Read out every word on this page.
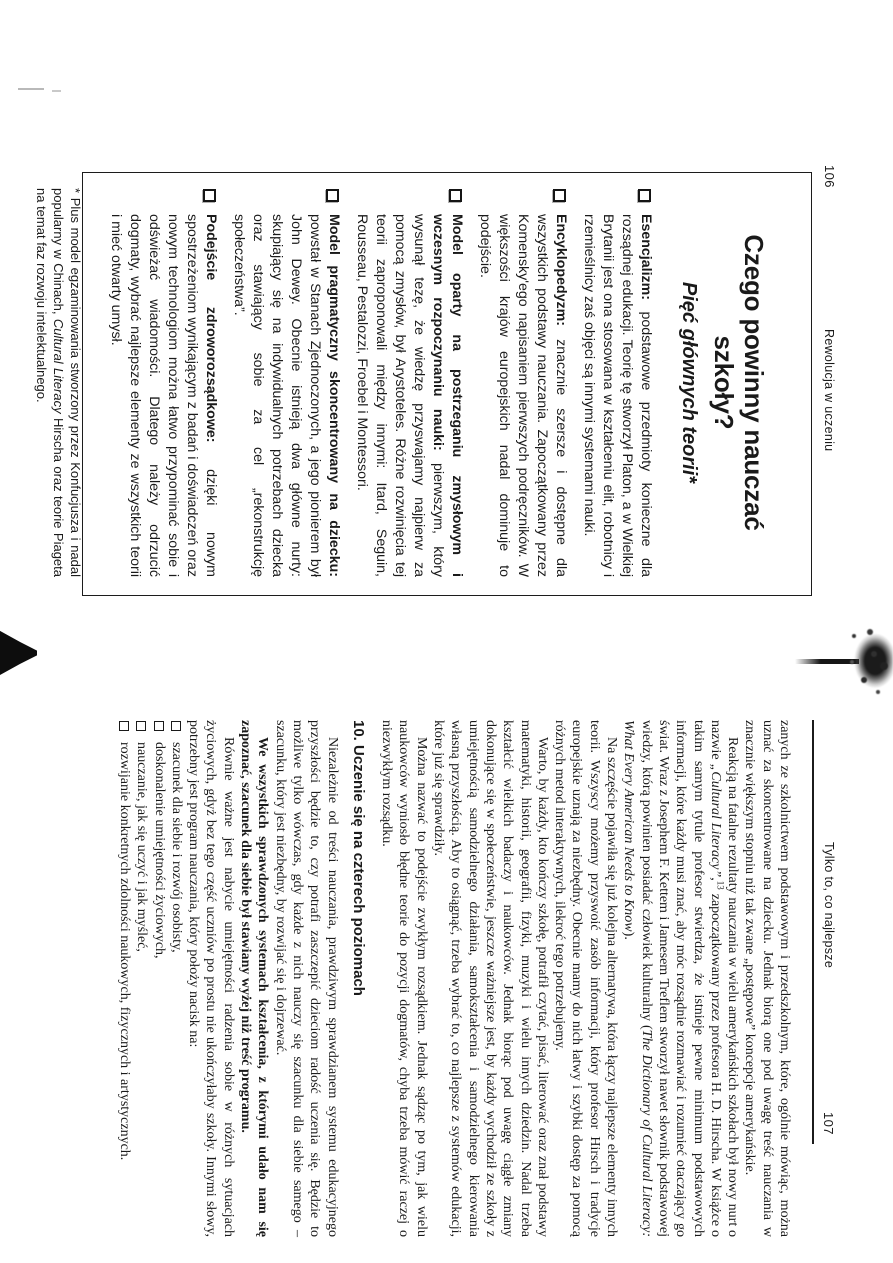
106
Rewolucja w uczeniu
Czego powinny nauczać szkoły?
Pięć głównych teorii*
Esencjalizm: podstawowe przedmioty konieczne dla rozsądnej edukacji. Teorię tę stworzył Platon, a w Wielkiej Brytanii jest ona stosowana w kształceniu elit, robotnicy i rzemieślnicy zaś objęci są innymi systemami nauki.
Encyklopedyzm: znacznie szersze i dostępne dla wszystkich podstawy nauczania. Zapoczątkowany przez Komensky'ego napisaniem pierwszych podręczników. W większości krajów europejskich nadal dominuje to podejście.
Model oparty na postrzeganiu zmysłowym i wczesnym rozpoczynaniu nauki: pierwszym, który wysunął tezę, że wiedzę przyswajamy najpierw za pomocą zmysłów, był Arystoteles. Różne rozwinięcia tej teorii zaproponowali między innymi: Itard, Seguin, Rousseau, Pestalozzi, Froebel i Montessori.
Model pragmatyczny skoncentrowany na dziecku: powstał w Stanach Zjednoczonych, a jego pionierem był John Dewey. Obecnie istnieją dwa główne nurty: skupiający się na indywidualnych potrzebach dziecka oraz stawiający sobie za cel „rekonstrukcję społeczeństwa”.
Podejście zdroworozsądkowe: dzięki nowym spostrzeżeniom wynikającym z badań i doświadczeń oraz nowym technologiom można łatwo przypominać sobie i odświeżać wiadomości. Dlatego należy odrzucić dogmaty, wybrać najlepsze elementy ze wszystkich teorii i mieć otwarty umysł.
* Plus model egzaminowania stworzony przez Konfucjusza i nadal popularny w Chinach, Cultural Literacy Hirscha oraz teorie Piageta na temat faz rozwoju intelektualnego.
Tylko to, co najlepsze
107

zanych ze szkolnictwem podstawowym i przedszkolnym, które, ogólnie mówiąc, można uznać za skoncentrowane na dziecku. Jednak biorą one pod uwagę treść nauczania w znacznie większym stopniu niż tak zwane „postępowe” koncepcje amerykańskie.

Reakcją na fatalne rezultaty nauczania w wielu amerykańskich szkołach był nowy nurt o nazwie „Cultural Literacy”,$^{13}$ zapoczątkowany przez profesora H. D. Hirscha. W książce o takim samym tytule profesor stwierdza, że istnieje pewne minimum podstawowych informacji, które każdy musi znać, aby móc rozsądnie rozmawiać i rozumieć otaczający go świat. Wraz z Josephem F. Kettem i Jamesem Treflem stworzył nawet słownik podstawowej wiedzy, którą powinien posiadać człowiek kulturalny (The Dictionary of Cultural Literacy: What Every American Needs to Know).

Na szczęście pojawiła się już kolejna alternatywa, która łączy najlepsze elementy innych teorii. Wszyscy możemy przyswoić zasób informacji, który profesor Hirsch i tradycje europejskie uznają za niezbędny. Obecnie mamy do nich łatwy i szybki dostęp za pomocą różnych metod interaktywnych, ilekroć tego potrzebujemy.

Warto, by każdy, kto kończy szkołę, potrafił czytać, pisać, literować oraz znał podstawy matematyki, historii, geografii, fizyki, muzyki i wielu innych dziedzin. Nadal trzeba kształcić wielkich badaczy i naukowców. Jednak biorąc pod uwagę ciągłe zmiany dokonujące się w społeczeństwie, jeszcze ważniejsze jest, by każdy wychodził ze szkoły z umiejętnością samodzielnego działania, samokształcenia i samodzielnego kierowania własną przyszłością. Aby to osiągnąć, trzeba wybrać to, co najlepsze z systemów edukacji, które już się sprawdziły.

Można nazwać to podejście zwykłym rozsądkiem. Jednak sądząc po tym, jak wielu naukowców wyniosło błędne teorie do pozycji dogmatów, chyba trzeba mówić raczej o niezwykłym rozsądku.

10. Uczenie się na czterech poziomach

Niezależnie od treści nauczania, prawdziwym sprawdzianem systemu edukacyjnego przyszłości będzie to, czy potrafi zaszczepić dzieciom radość uczenia się. Będzie to możliwe tylko wówczas, gdy każde z nich nauczy się szacunku dla siebie samego – szacunku, który jest niezbędny, by rozwijać się i dojrzewać.

We wszystkich sprawdzonych systemach kształcenia, z którymi udało nam się zapoznać, szacunek dla siebie był stawiany wyżej niż treść programu.

Równie ważne jest nabycie umiejętności radzenia sobie w różnych sytuacjach życiowych, gdyż bez tego część uczniów po prostu nie ukończyłaby szkoły. Innymi słowy, potrzebny jest program nauczania, który położy nacisk na:

szacunek dla siebie i rozwój osobisty,
doskonalenie umiejętności życiowych,
nauczanie, jak się uczyć i jak myśleć,
rozwijanie konkretnych zdolności naukowych, fizycznych i artystycznych.
